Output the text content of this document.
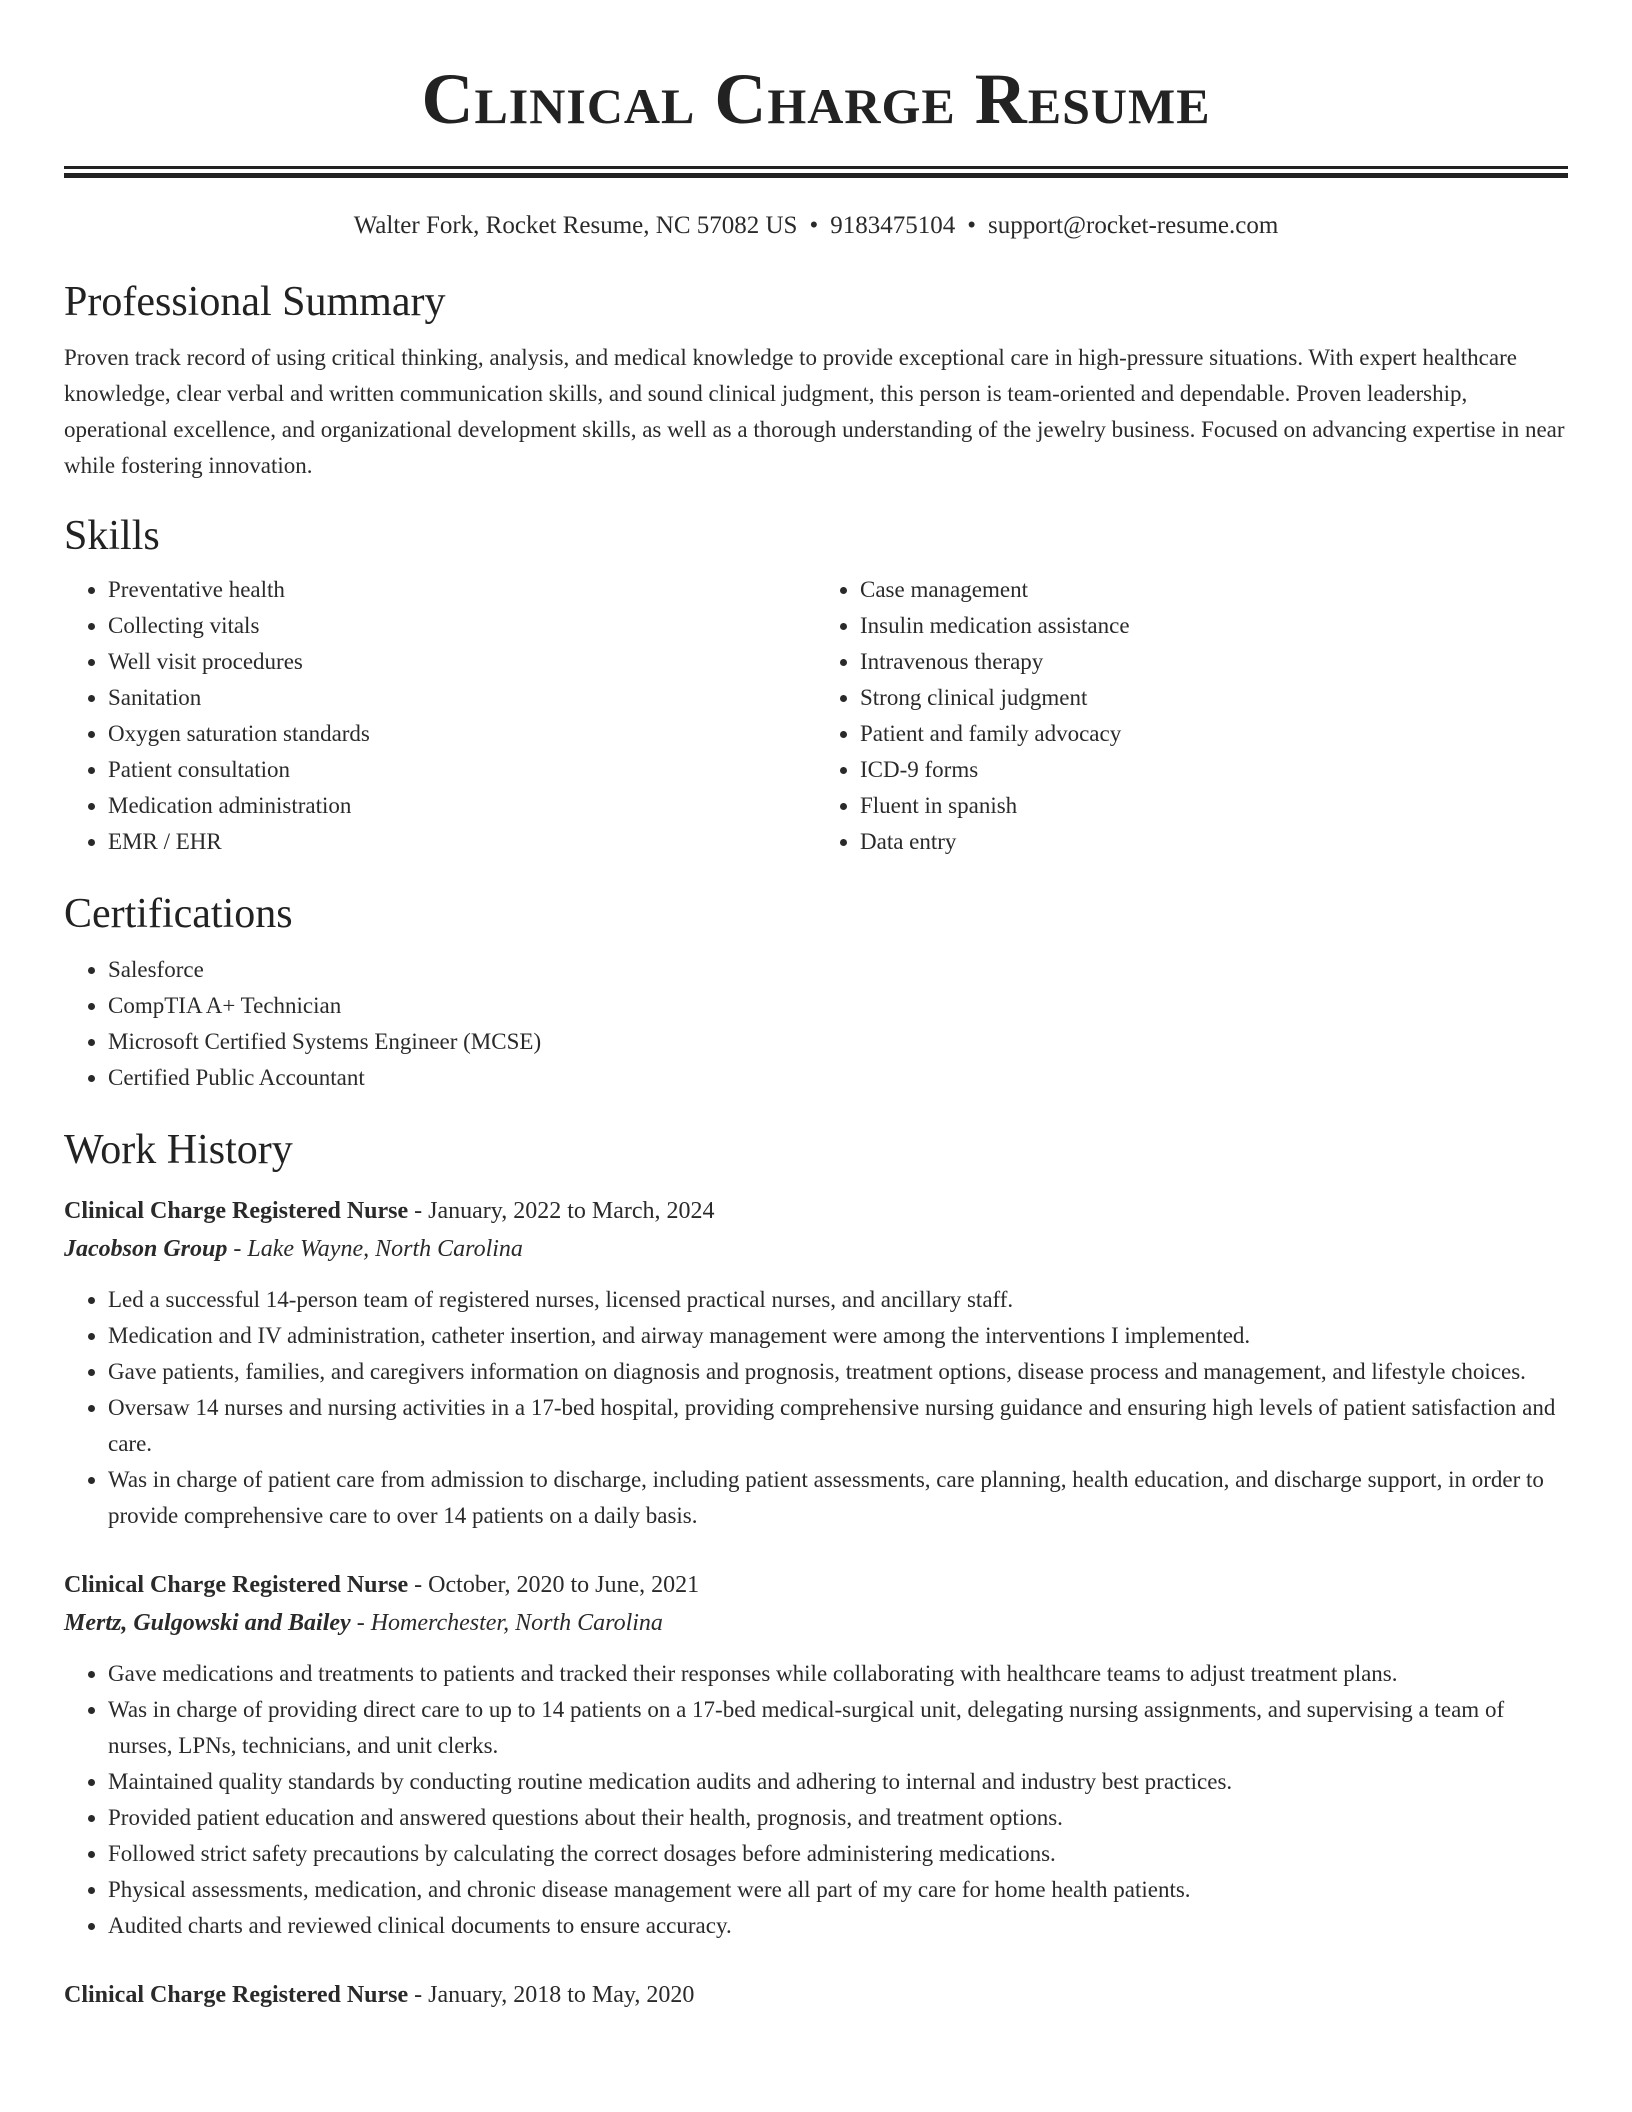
Clinical Charge Resume
Walter Fork, Rocket Resume, NC 57082 US • 9183475104 • support@rocket-resume.com
Professional Summary

Proven track record of using critical thinking, analysis, and medical knowledge to provide exceptional care in high-pressure situations. With expert healthcare knowledge, clear verbal and written communication skills, and sound clinical judgment, this person is team-oriented and dependable. Proven leadership, operational excellence, and organizational development skills, as well as a thorough understanding of the jewelry business. Focused on advancing expertise in near while fostering innovation.

Skills
• Preventative health
• Collecting vitals
• Well visit procedures
• Sanitation
• Oxygen saturation standards
• Patient consultation
• Medication administration
• EMR / EHR
• Case management
• Insulin medication assistance
• Intravenous therapy
• Strong clinical judgment
• Patient and family advocacy
• ICD-9 forms
• Fluent in spanish
• Data entry
Certifications
• Salesforce
• CompTIA A+ Technician
• Microsoft Certified Systems Engineer (MCSE)
• Certified Public Accountant
Work History
Clinical Charge Registered Nurse - January, 2022 to March, 2024
Jacobson Group - Lake Wayne, North Carolina
• Led a successful 14-person team of registered nurses, licensed practical nurses, and ancillary staff.
• Medication and IV administration, catheter insertion, and airway management were among the interventions I implemented.
• Gave patients, families, and caregivers information on diagnosis and prognosis, treatment options, disease process and management, and lifestyle choices.
• Oversaw 14 nurses and nursing activities in a 17-bed hospital, providing comprehensive nursing guidance and ensuring high levels of patient satisfaction and care.
• Was in charge of patient care from admission to discharge, including patient assessments, care planning, health education, and discharge support, in order to provide comprehensive care to over 14 patients on a daily basis.
Clinical Charge Registered Nurse - October, 2020 to June, 2021
Mertz, Gulgowski and Bailey - Homerchester, North Carolina
• Gave medications and treatments to patients and tracked their responses while collaborating with healthcare teams to adjust treatment plans.
• Was in charge of providing direct care to up to 14 patients on a 17-bed medical-surgical unit, delegating nursing assignments, and supervising a team of nurses, LPNs, technicians, and unit clerks.
• Maintained quality standards by conducting routine medication audits and adhering to internal and industry best practices.
• Provided patient education and answered questions about their health, prognosis, and treatment options.
• Followed strict safety precautions by calculating the correct dosages before administering medications.
• Physical assessments, medication, and chronic disease management were all part of my care for home health patients.
• Audited charts and reviewed clinical documents to ensure accuracy.
Clinical Charge Registered Nurse - January, 2018 to May, 2020
